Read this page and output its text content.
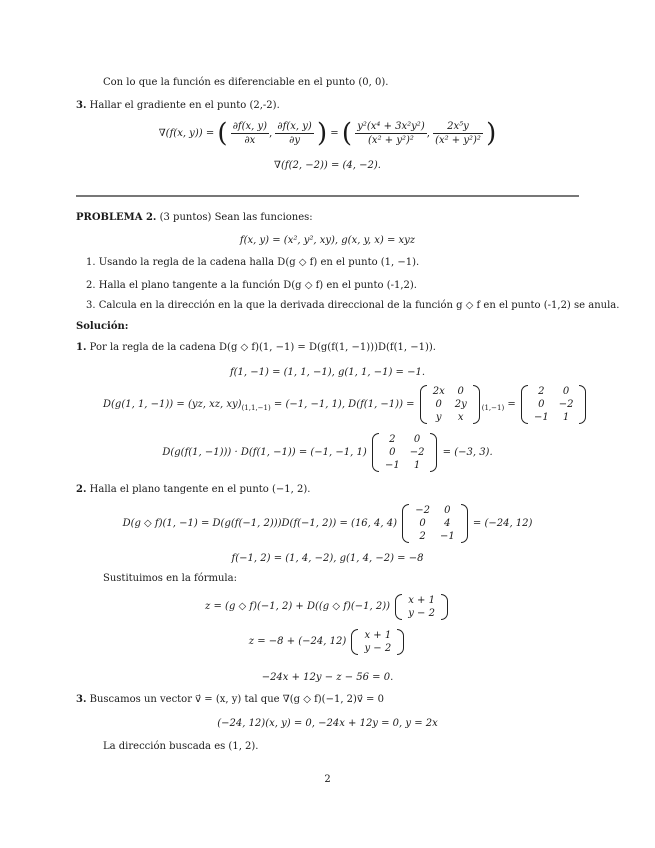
Con lo que la función es diferenciable en el punto (0, 0).
3. Hallar el gradiente en el punto (2,-2).
∇(f(x, y)) = ( $\frac{\partial f(x, y)}{\partial x}$ , $\frac{\partial f(x, y)}{\partial y}$ ) = ( $\frac{\text{y²(x⁴ + 3x²y²)}}{\text{(x² + y²)²}}$ , $\frac{\text{2x⁵y}}{\text{(x² + y²)²}}$ )
∇(f(2, −2)) = (4, −2).
PROBLEMA 2. (3 puntos) Sean las funciones:
f(x, y) = (x², y², xy), g(x, y, x) = xyz
1. Usando la regla de la cadena halla D(g ◇ f) en el punto (1, −1).
2. Halla el plano tangente a la función D(g ◇ f) en el punto (-1,2).
3. Calcula en la dirección en la que la derivada direccional de la función g ◇ f en el punto (-1,2) se anula.
Solución:
1. Por la regla de la cadena D(g ◇ f)(1, −1) = D(g(f(1, −1)))D(f(1, −1)).
f(1, −1) = (1, 1, −1), g(1, 1, −1) = −1.
D(g(1, 1, −1)) = (yz, xz, $xy)_{(1,1,-1)} = (-1$, −1, 1), D(f(1, −1)) =
2x	0
0	2y
y	x
$_{(1,-1)}$ =
2	0
0	−2
−1	1
D(g(f(1, −1))) · D(f(1, −1)) = (−1, −1, 1)
2	0
0	−2
−1	1
= (−3, 3).
2. Halla el plano tangente en el punto (−1, 2).
D(g ◇ f)(1, −1) = D(g(f(−1, 2)))D(f(−1, 2)) = (16, 4, 4)
−2	0
0	4
2	−1
= (−24, 12)
f(−1, 2) = (1, 4, −2), g(1, 4, −2) = −8
Sustituimos en la fórmula:
z = (g ◇ f)(−1, 2) + D((g ◇ f)(−1, 2))
x + 1
y − 2
z = −8 + (−24, 12)
x + 1
y − 2
−24x + 12y − z − 56 = 0.
3. Buscamos un vector v⃗ = (x, y) tal que ∇(g ◇ f)(−1, 2)v⃗ = 0
(−24, 12)(x, y) = 0, −24x + 12y = 0, y = 2x
La dirección buscada es (1, 2).
2
